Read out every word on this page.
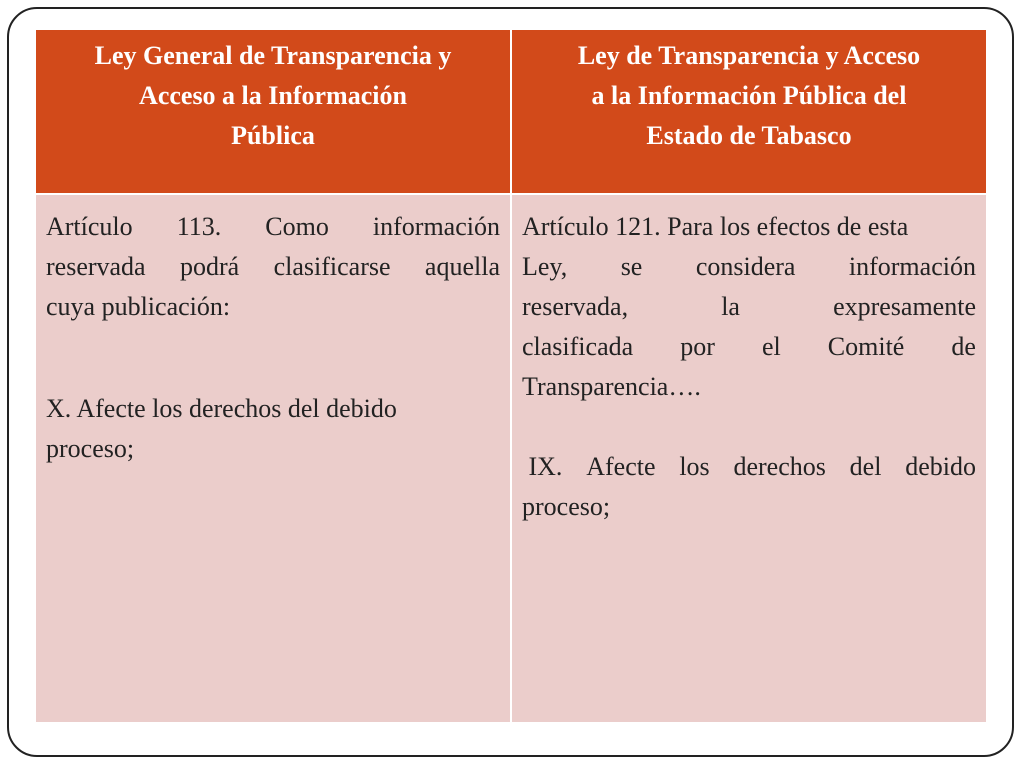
Ley General de Transparencia y
Acceso a la Información
Pública
Ley de Transparencia y Acceso
a la Información Pública del
Estado de Tabasco
Artículo 113. Como información
reservada podrá clasificarse aquella
cuya publicación:
X. Afecte los derechos del debido
proceso;
Artículo 121. Para los efectos de esta
Ley, se considera información
reservada,	la	expresamente
clasificada por el Comité de
Transparencia….
IX. Afecte los derechos del debido
proceso;
